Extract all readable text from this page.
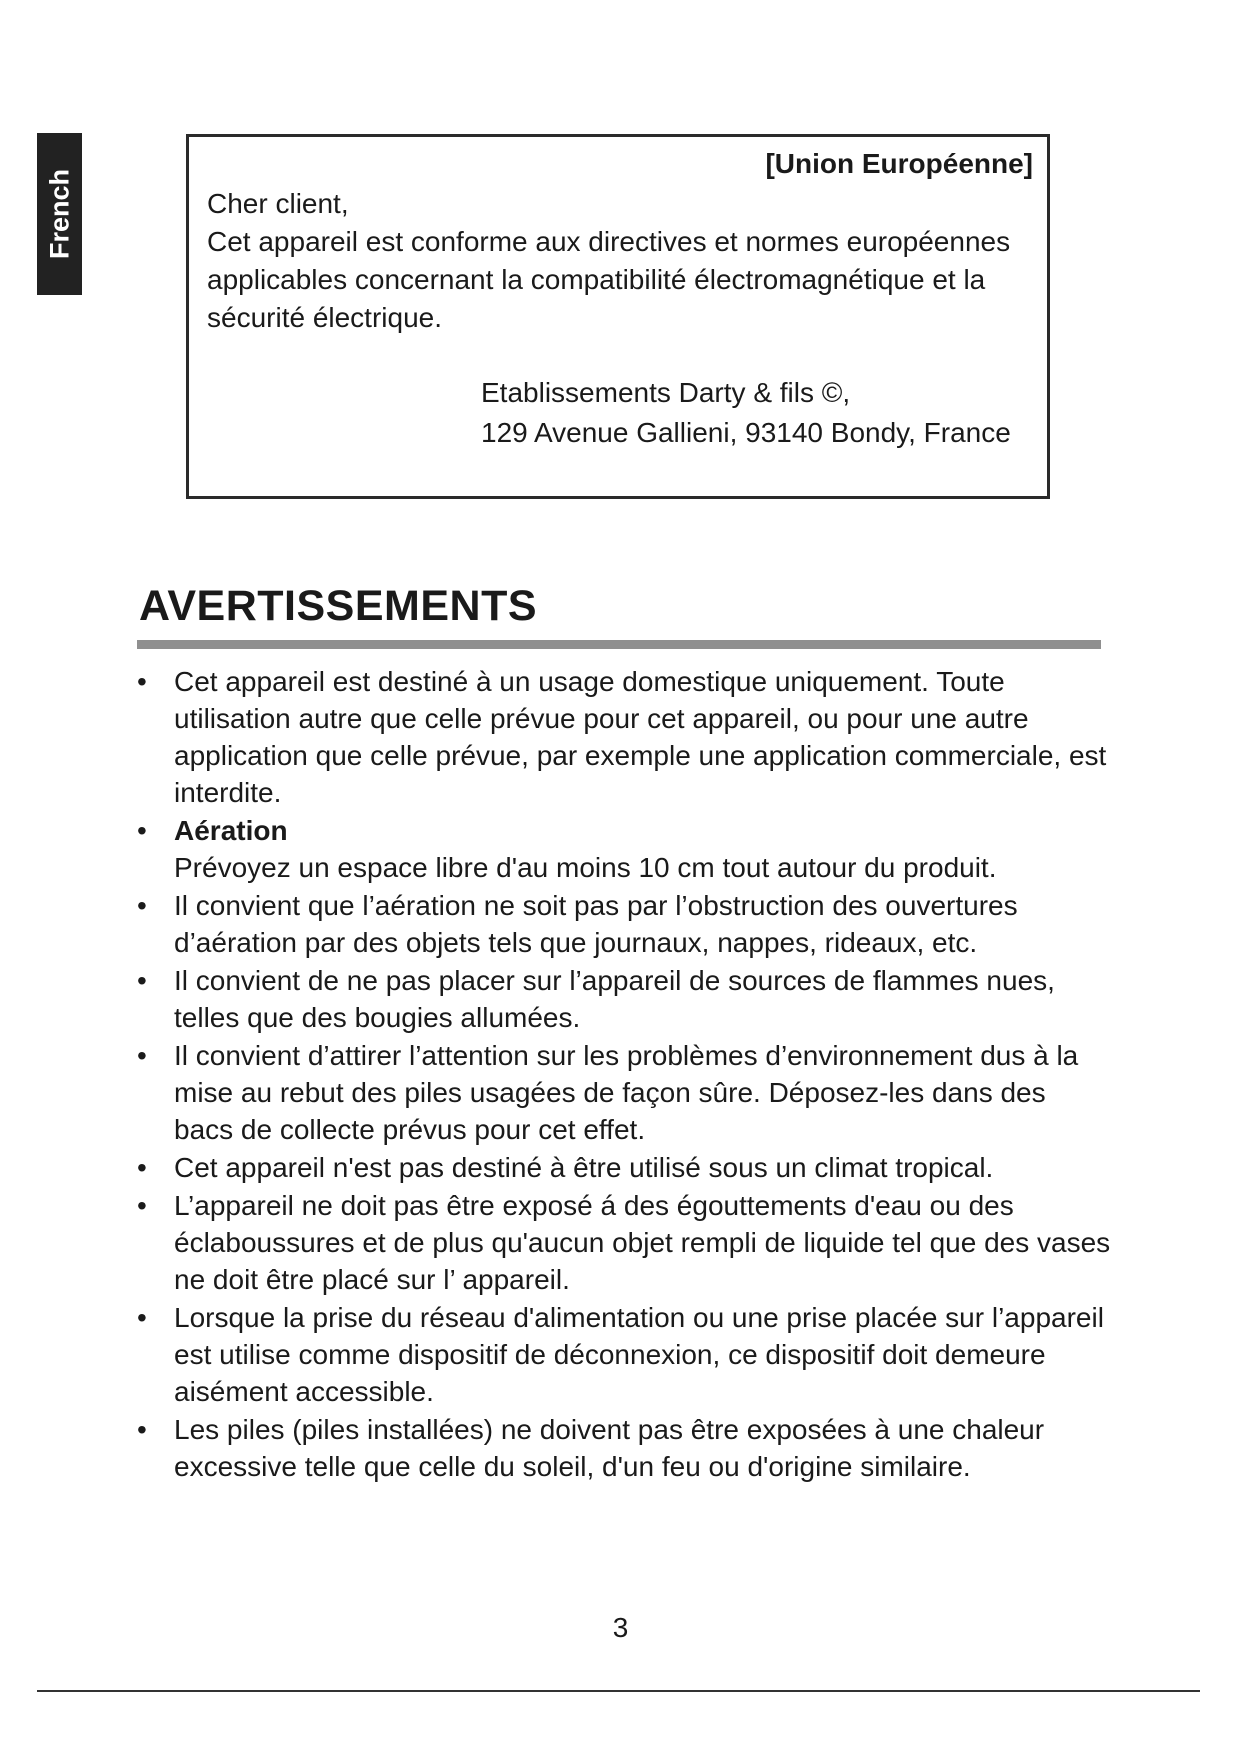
French

[Union Européenne]

Cher client,

Cet appareil est conforme aux directives et normes européennes applicables concernant la compatibilité électromagnétique et la sécurité électrique.

Etablissements Darty & fils ©,

129 Avenue Gallieni, 93140 Bondy, France

AVERTISSEMENTS
• Cet appareil est destiné à un usage domestique uniquement. Toute utilisation autre que celle prévue pour cet appareil, ou pour une autre application que celle prévue, par exemple une application commerciale, est interdite.
• Aération
Prévoyez un espace libre d'au moins 10 cm tout autour du produit.
• Il convient que l’aération ne soit pas par l’obstruction des ouvertures d’aération par des objets tels que journaux, nappes, rideaux, etc.
• Il convient de ne pas placer sur l’appareil de sources de flammes nues, telles que des bougies allumées.
• Il convient d’attirer l’attention sur les problèmes d’environnement dus à la mise au rebut des piles usagées de façon sûre. Déposez-les dans des bacs de collecte prévus pour cet effet.
• Cet appareil n'est pas destiné à être utilisé sous un climat tropical.
• L’appareil ne doit pas être exposé á des égouttements d'eau ou des éclaboussures et de plus qu'aucun objet rempli de liquide tel que des vases ne doit être placé sur l’ appareil.
• Lorsque la prise du réseau d'alimentation ou une prise placée sur l’appareil est utilise comme dispositif de déconnexion, ce dispositif doit demeure aisément accessible.
• Les piles (piles installées) ne doivent pas être exposées à une chaleur excessive telle que celle du soleil, d'un feu ou d'origine similaire.
3
